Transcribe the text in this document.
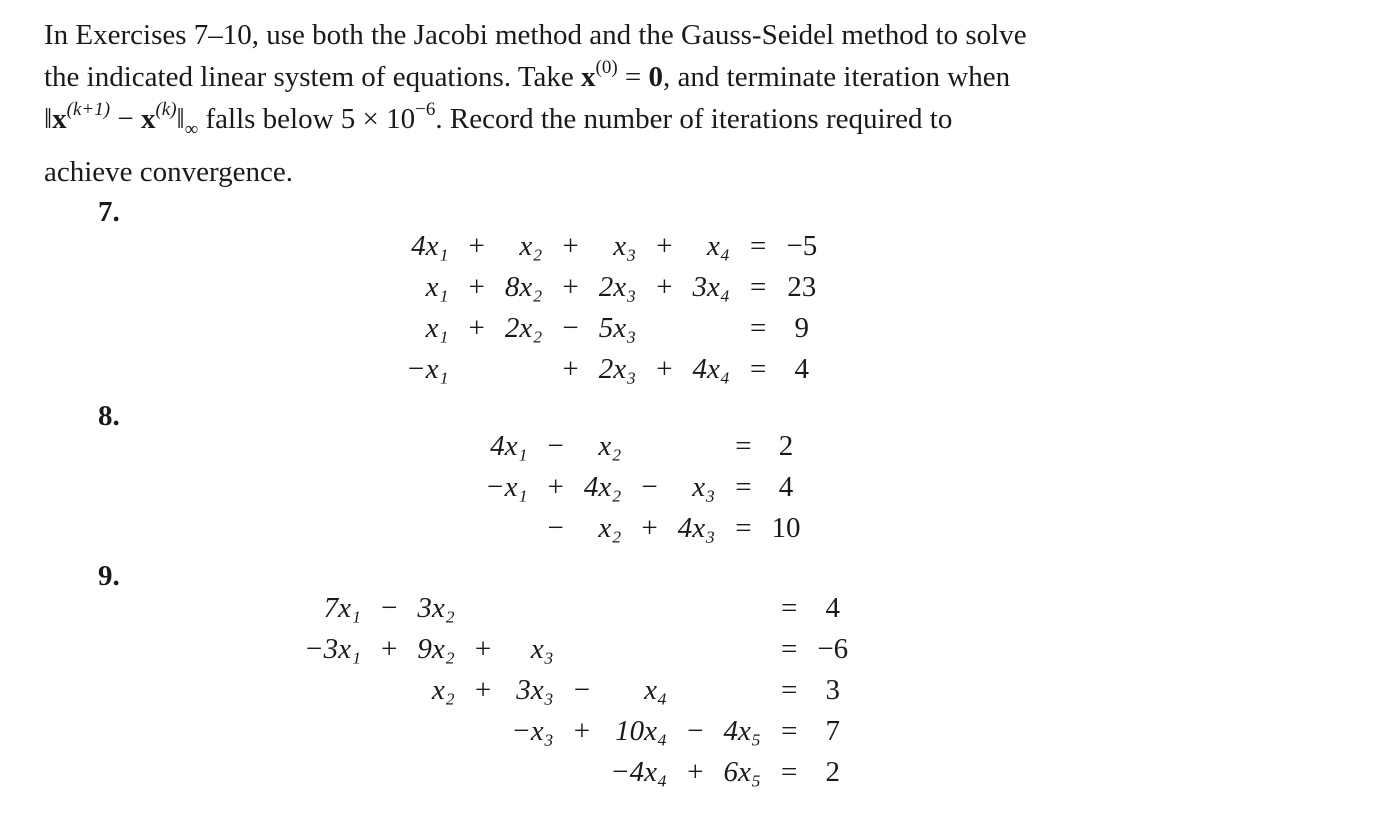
In Exercises 7–10, use both the Jacobi method and the Gauss-Seidel method to solve
the indicated linear system of equations. Take $x^{(0)} = 0$, and terminate iteration when
$‖x^{(k+1)}$ − $x^{(k)}‖_\infty$ falls below $5 \times 10^{-6}$. Record the number of iterations required to
achieve convergence.
7.
4x₁	+	x₂	+	x₃	+	x₄	=	−5
x₁	+	8x₂	+	2x₃	+	3x₄	=	23
x₁	+	2x₂	−	5x₃			=	9
−x₁			+	2x₃	+	4x₄	=	4
8.
4x₁	−	x₂			=	2
−x₁	+	4x₂	−	x₃	=	4
	−	x₂	+	4x₃	=	10
9.
7x₁	−	3x₂							=	4
−3x₁	+	9x₂	+	x₃					=	−6
		x₂	+	3x₃	−	x₄			=	3
				−x₃	+	10x₄	−	4x₅	=	7
						−4x₄	+	6x₅	=	2
